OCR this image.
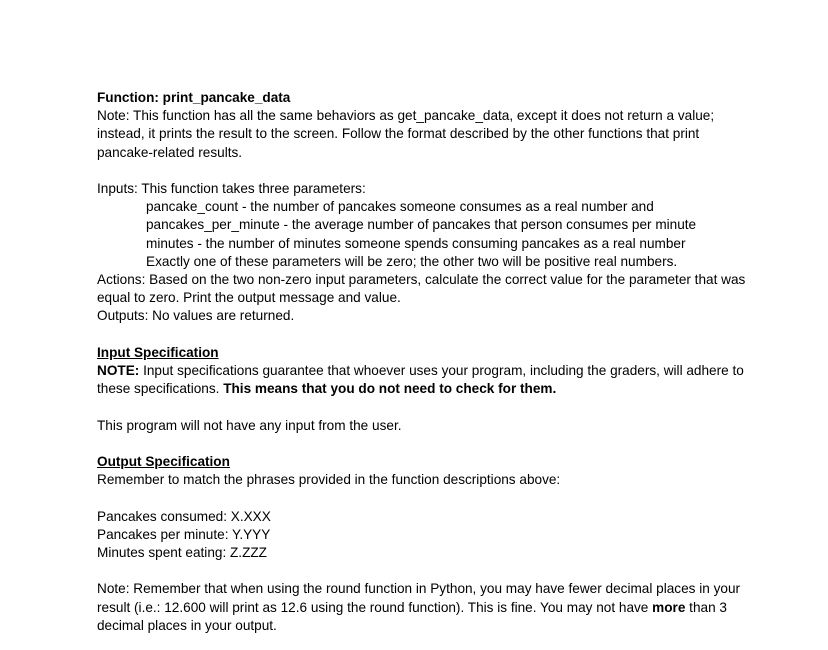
Function: print_pancake_data

Note: This function has all the same behaviors as get_pancake_data, except it does not return a value; instead, it prints the result to the screen. Follow the format described by the other functions that print pancake-related results.

Inputs: This function takes three parameters:

pancake_count - the number of pancakes someone consumes as a real number and

pancakes_per_minute - the average number of pancakes that person consumes per minute

minutes - the number of minutes someone spends consuming pancakes as a real number

Exactly one of these parameters will be zero; the other two will be positive real numbers.

Actions: Based on the two non-zero input parameters, calculate the correct value for the parameter that was equal to zero. Print the output message and value.

Outputs: No values are returned.

Input Specification

NOTE: Input specifications guarantee that whoever uses your program, including the graders, will adhere to these specifications. This means that you do not need to check for them.

This program will not have any input from the user.

Output Specification

Remember to match the phrases provided in the function descriptions above:

Pancakes consumed: X.XXX

Pancakes per minute: Y.YYY

Minutes spent eating: Z.ZZZ

Note: Remember that when using the round function in Python, you may have fewer decimal places in your result (i.e.: 12.600 will print as 12.6 using the round function). This is fine. You may not have more than 3 decimal places in your output.
